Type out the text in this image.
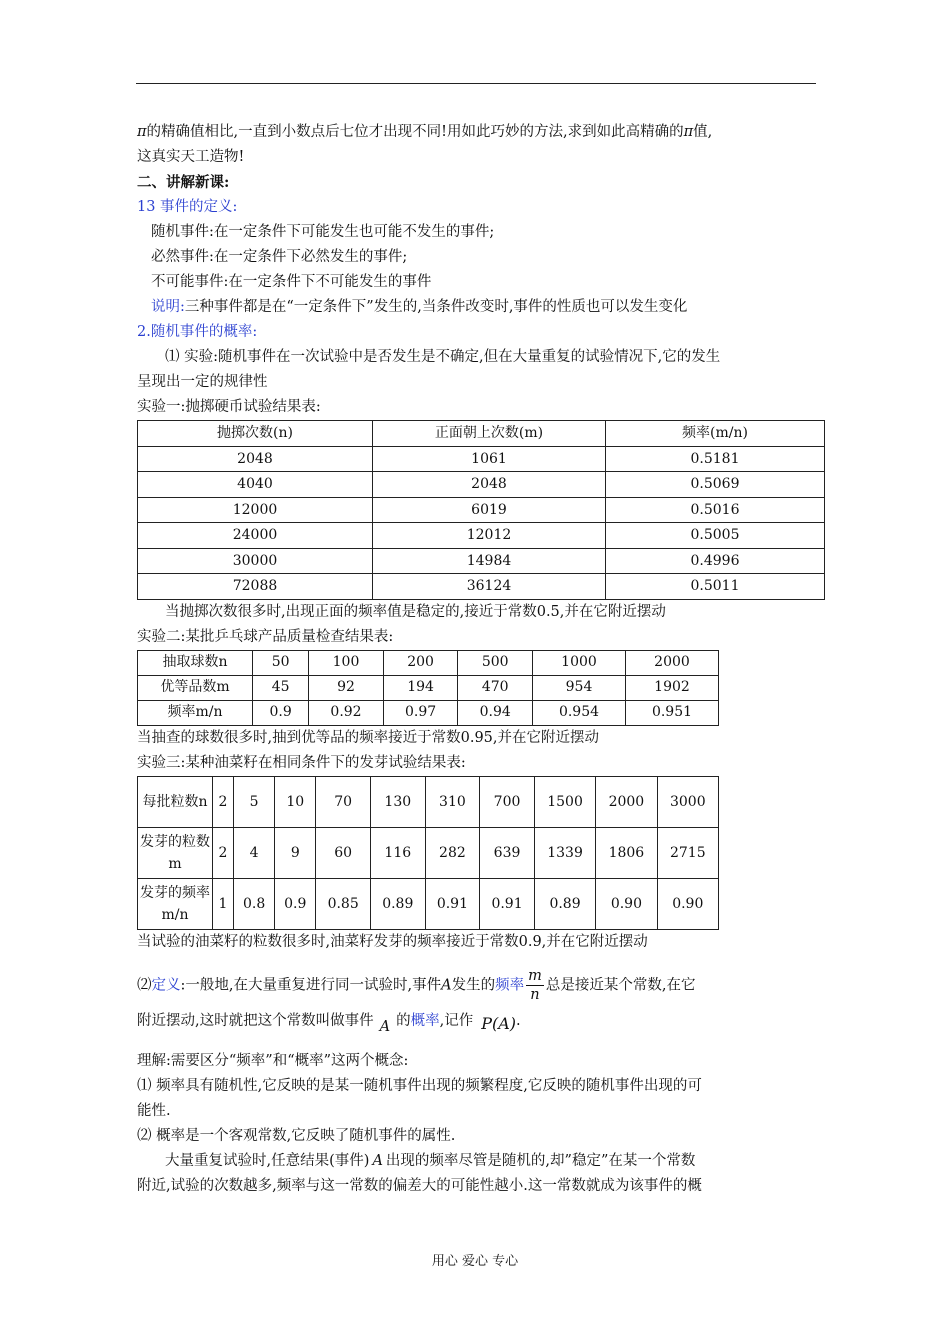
π的精确值相比,一直到小数点后七位才出现不同!用如此巧妙的方法,求到如此高精确的π值,

这真实天工造物!

二、讲解新课:

13 事件的定义:

随机事件:在一定条件下可能发生也可能不发生的事件;

必然事件:在一定条件下必然发生的事件;

不可能事件:在一定条件下不可能发生的事件

说明:三种事件都是在“一定条件下”发生的,当条件改变时,事件的性质也可以发生变化

2.随机事件的概率:

⑴ 实验:随机事件在一次试验中是否发生是不确定,但在大量重复的试验情况下,它的发生

呈现出一定的规律性

实验一:抛掷硬币试验结果表:

抛掷次数(n)	正面朝上次数(m)	频率(m/n)
2048	1061	0.5181
4040	2048	0.5069
12000	6019	0.5016
24000	12012	0.5005
30000	14984	0.4996
72088	36124	0.5011

当抛掷次数很多时,出现正面的频率值是稳定的,接近于常数0.5,并在它附近摆动

实验二:某批乒乓球产品质量检查结果表:

抽取球数n	50	100	200	500	1000	2000
优等品数m	45	92	194	470	954	1902
频率m/n	0.9	0.92	0.97	0.94	0.954	0.951

当抽查的球数很多时,抽到优等品的频率接近于常数0.95,并在它附近摆动

实验三:某种油菜籽在相同条件下的发芽试验结果表:

每批粒数n	2	5	10	70	130	310	700	1500	2000	3000
发芽的粒数m	2	4	9	60	116	282	639	1339	1806	2715
发芽的频率m/n	1	0.8	0.9	0.85	0.89	0.91	0.91	0.89	0.90	0.90

当试验的油菜籽的粒数很多时,油菜籽发芽的频率接近于常数0.9,并在它附近摆动

⑵定义:一般地,在大量重复进行同一试验时,事件A发生的频率 $\frac{m}{n}$ 总是接近某个常数,在它

附近摆动,这时就把这个常数叫做事件 A 的概率,记作 P(A).

理解:需要区分“频率”和“概率”这两个概念:

⑴ 频率具有随机性,它反映的是某一随机事件出现的频繁程度,它反映的随机事件出现的可

能性.

⑵ 概率是一个客观常数,它反映了随机事件的属性.

大量重复试验时,任意结果(事件) A 出现的频率尽管是随机的,却”稳定”在某一个常数

附近,试验的次数越多,频率与这一常数的偏差大的可能性越小.这一常数就成为该事件的概

用心 爱心 专心
